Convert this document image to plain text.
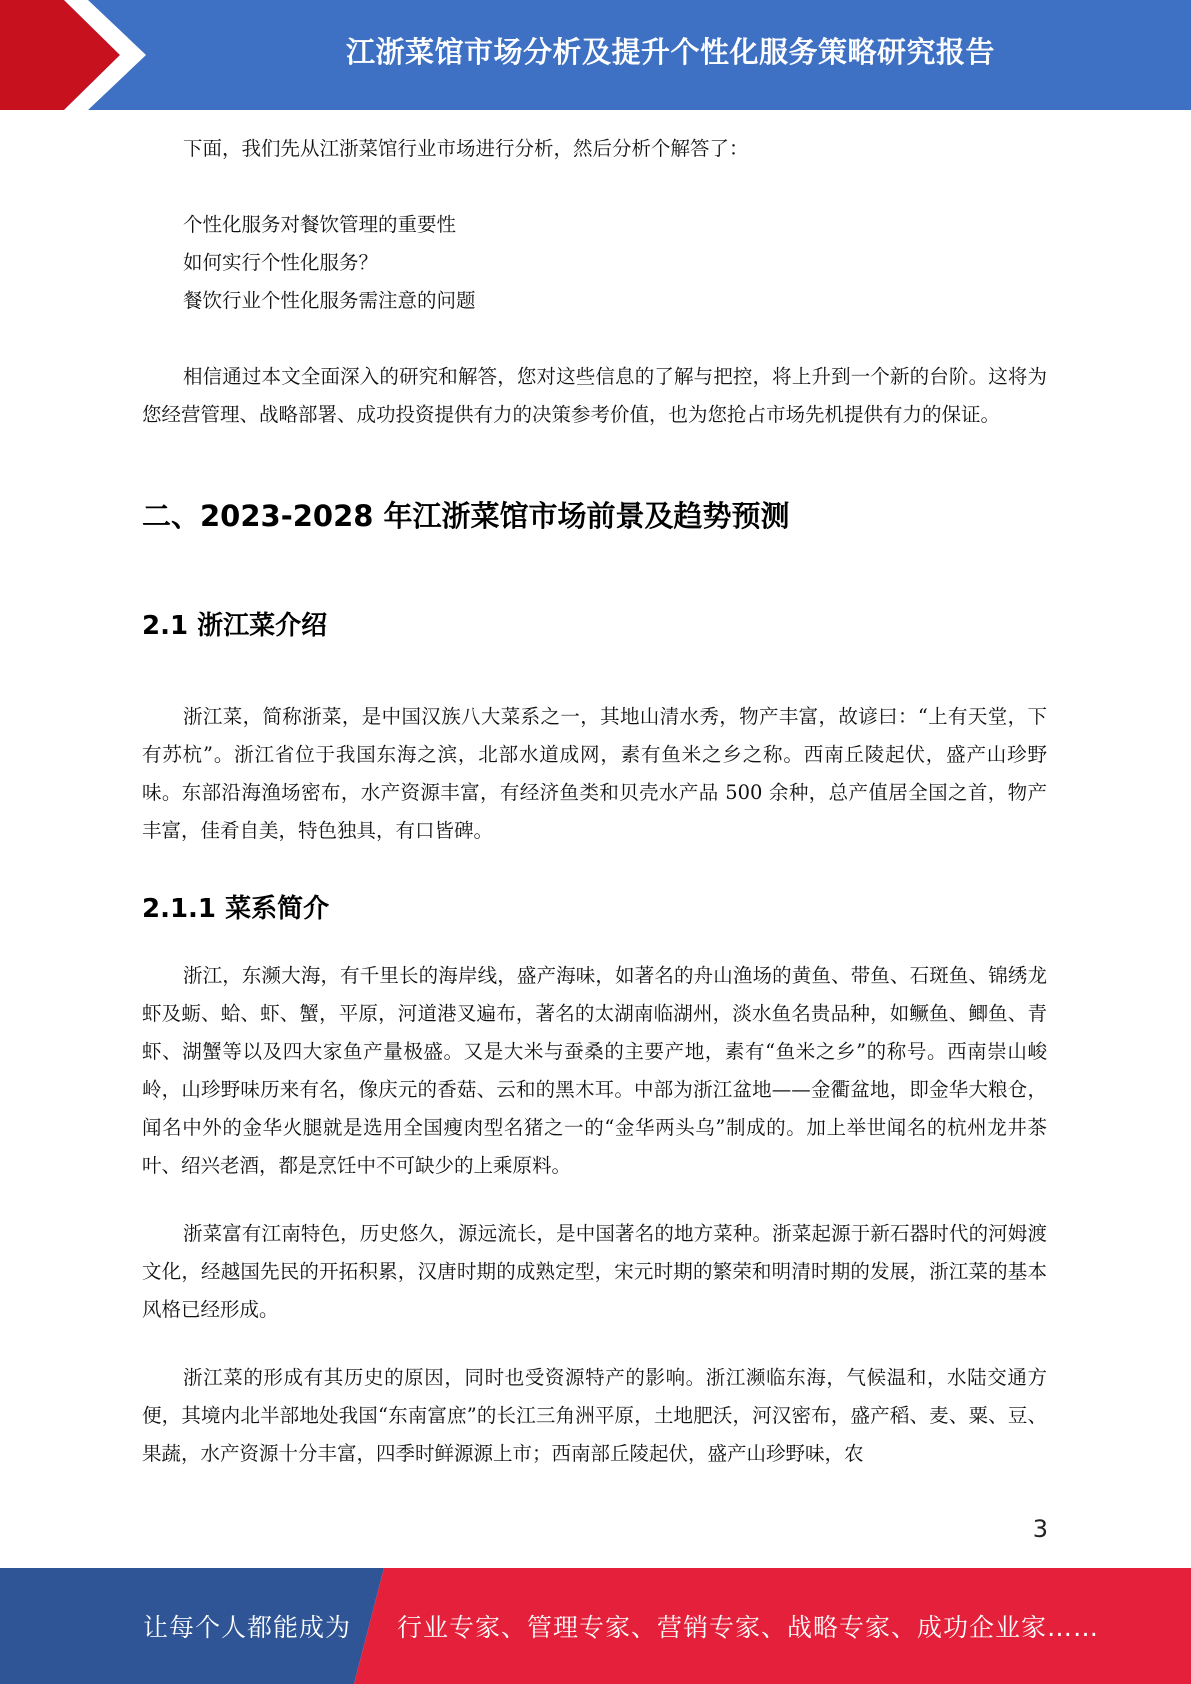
江浙菜馆市场分析及提升个性化服务策略研究报告

下面，我们先从江浙菜馆行业市场进行分析，然后分析个解答了：

个性化服务对餐饮管理的重要性

如何实行个性化服务？

餐饮行业个性化服务需注意的问题

相信通过本文全面深入的研究和解答，您对这些信息的了解与把控，将上升到一个新的台阶。这将为您经营管理、战略部署、成功投资提供有力的决策参考价值，也为您抢占市场先机提供有力的保证。

二、2023-2028 年江浙菜馆市场前景及趋势预测
2.1 浙江菜介绍

浙江菜，简称浙菜，是中国汉族八大菜系之一，其地山清水秀，物产丰富，故谚曰：“上有天堂，下有苏杭”。浙江省位于我国东海之滨，北部水道成网，素有鱼米之乡之称。西南丘陵起伏，盛产山珍野味。东部沿海渔场密布，水产资源丰富，有经济鱼类和贝壳水产品 500 余种，总产值居全国之首，物产丰富，佳肴自美，特色独具，有口皆碑。

2.1.1 菜系简介

浙江，东濒大海，有千里长的海岸线，盛产海味，如著名的舟山渔场的黄鱼、带鱼、石斑鱼、锦绣龙虾及蛎、蛤、虾、蟹，平原，河道港叉遍布，著名的太湖南临湖州，淡水鱼名贵品种，如鳜鱼、鲫鱼、青虾、湖蟹等以及四大家鱼产量极盛。又是大米与蚕桑的主要产地，素有“鱼米之乡”的称号。西南崇山峻岭，山珍野味历来有名，像庆元的香菇、云和的黑木耳。中部为浙江盆地——金衢盆地，即金华大粮仓，闻名中外的金华火腿就是选用全国瘦肉型名猪之一的“金华两头乌”制成的。加上举世闻名的杭州龙井茶叶、绍兴老酒，都是烹饪中不可缺少的上乘原料。

浙菜富有江南特色，历史悠久，源远流长，是中国著名的地方菜种。浙菜起源于新石器时代的河姆渡文化，经越国先民的开拓积累，汉唐时期的成熟定型，宋元时期的繁荣和明清时期的发展，浙江菜的基本风格已经形成。

浙江菜的形成有其历史的原因，同时也受资源特产的影响。浙江濒临东海，气候温和，水陆交通方便，其境内北半部地处我国“东南富庶”的长江三角洲平原，土地肥沃，河汉密布，盛产稻、麦、粟、豆、果蔬，水产资源十分丰富，四季时鲜源源上市；西南部丘陵起伏，盛产山珍野味，农

3
让每个人都能成为 行业专家、管理专家、营销专家、战略专家、成功企业家……
